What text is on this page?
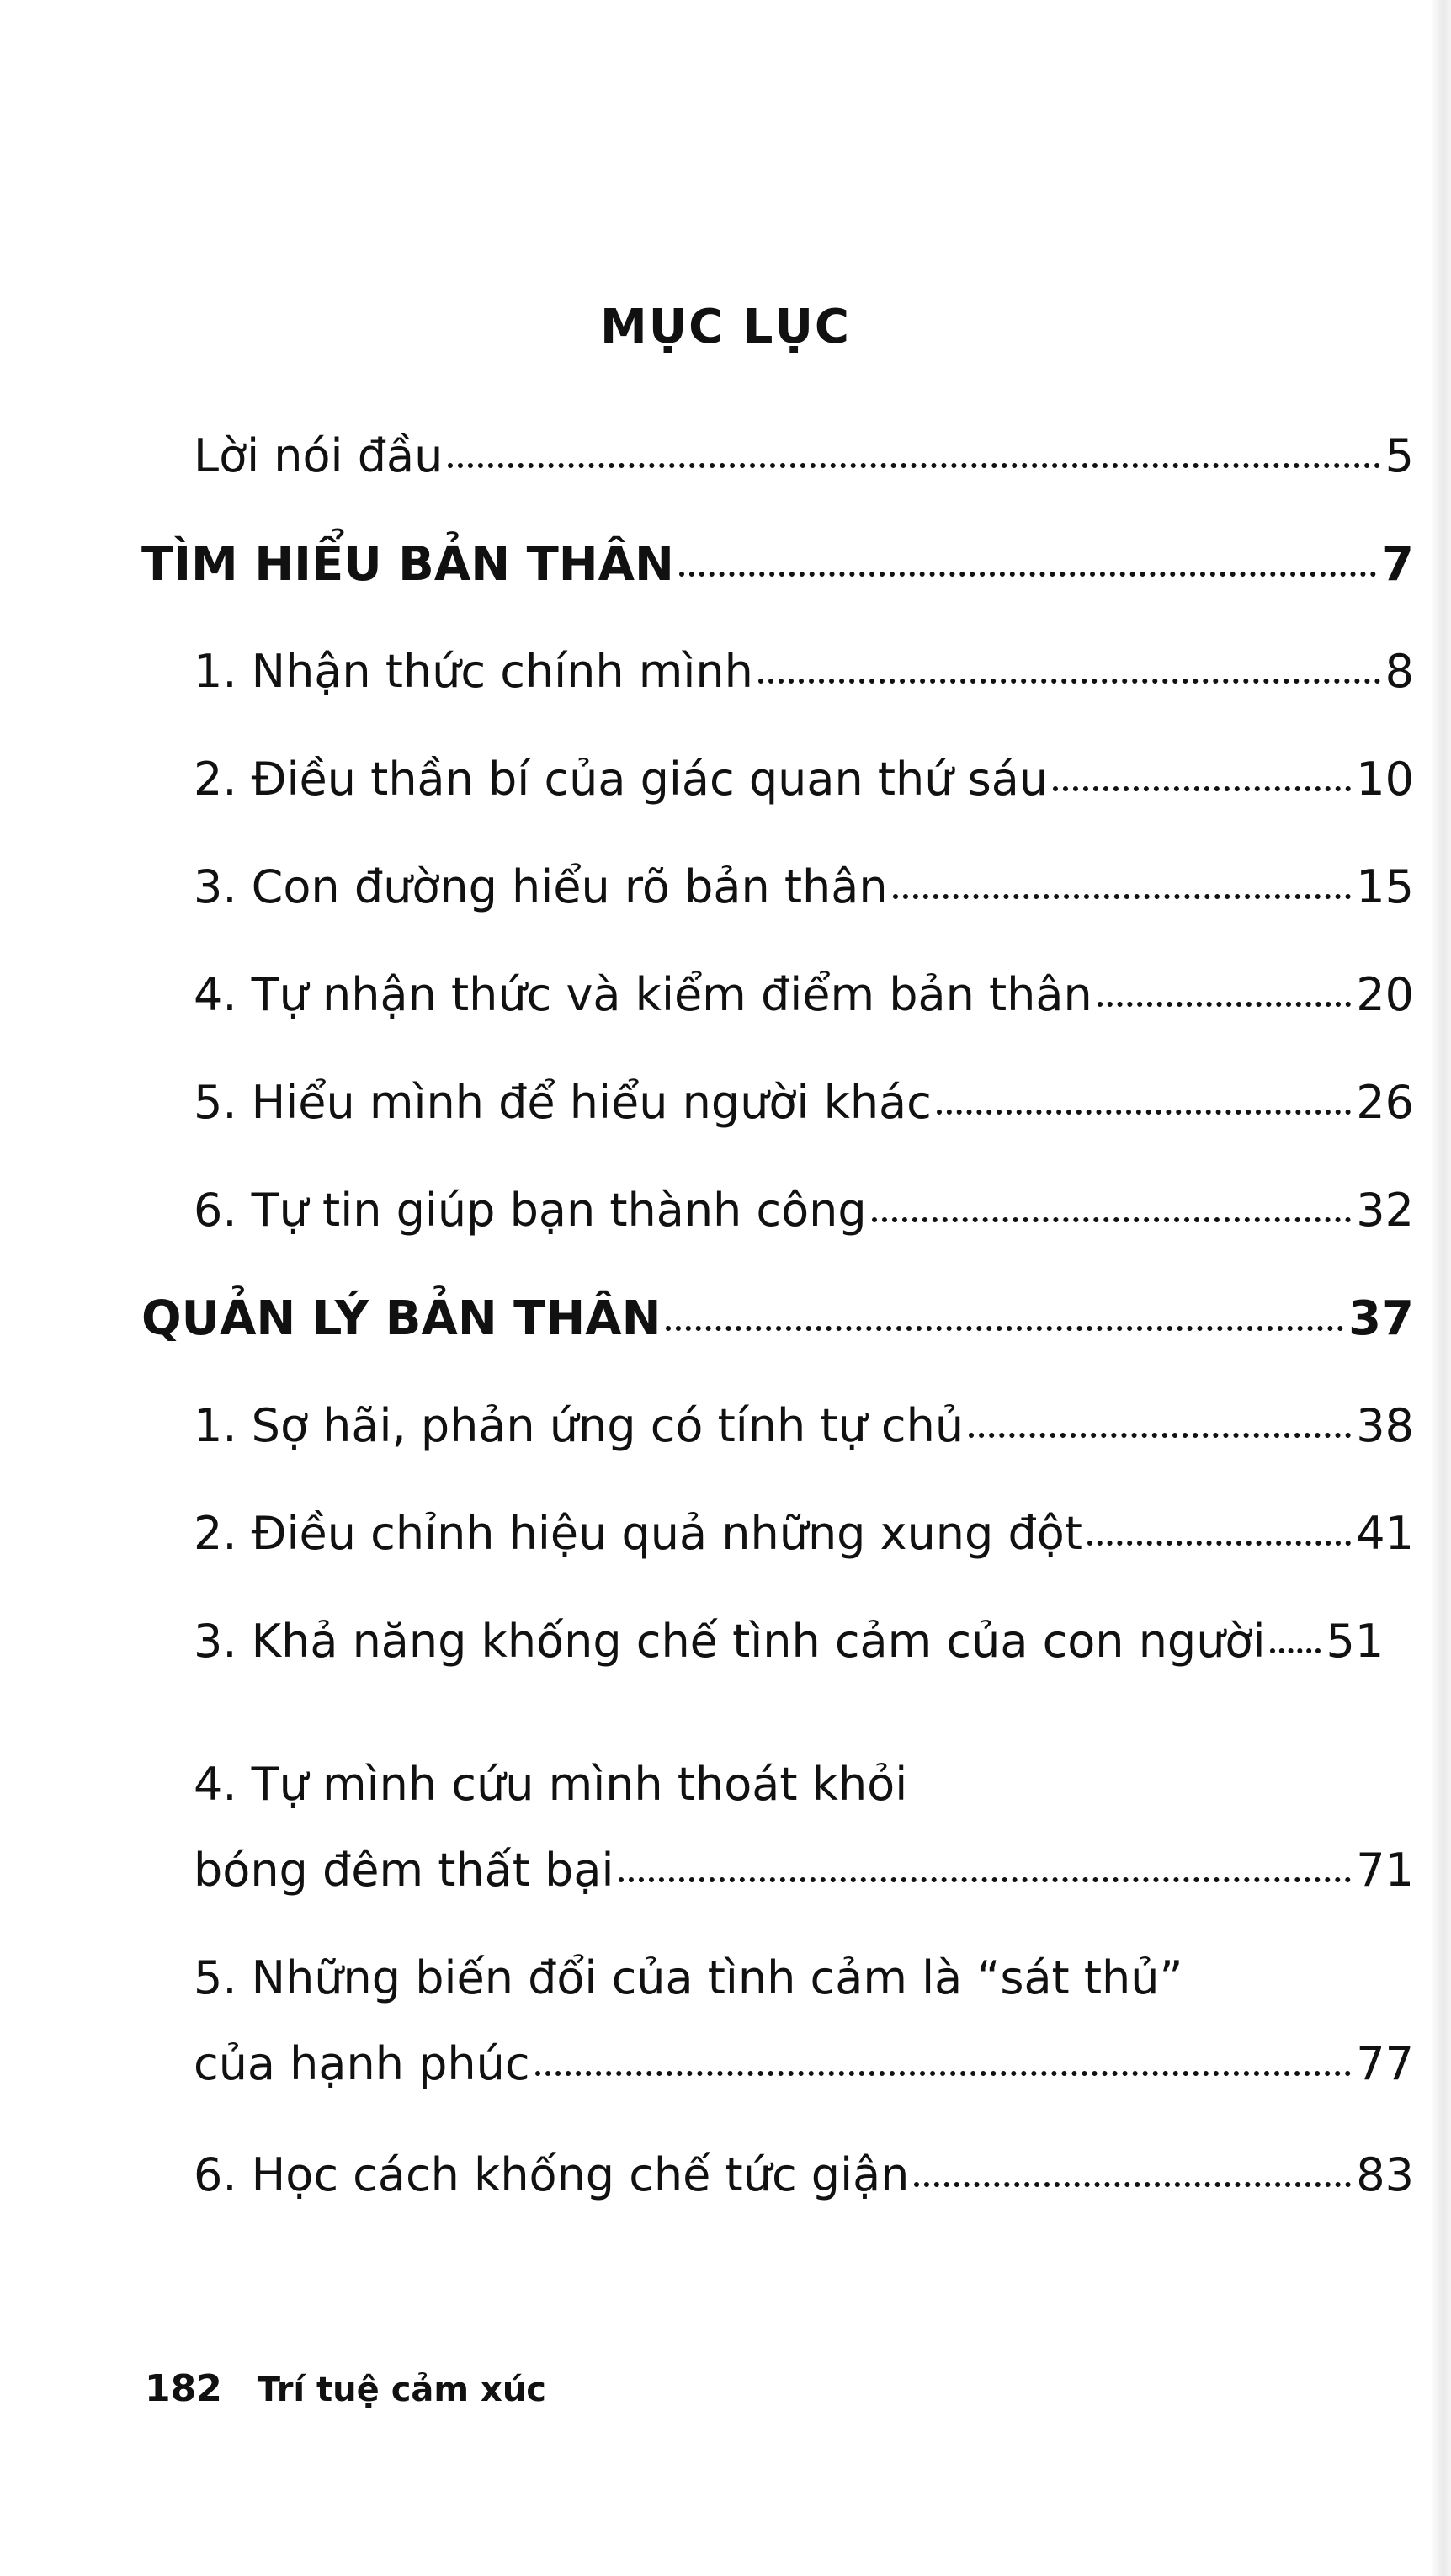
MỤC LỤC
Lời nói đầu	5
TÌM HIỂU BẢN THÂN	7
1. Nhận thức chính mình	8
2. Điều thần bí của giác quan thứ sáu	10
3. Con đường hiểu rõ bản thân	15
4. Tự nhận thức và kiểm điểm bản thân	20
5. Hiểu mình để hiểu người khác	26
6. Tự tin giúp bạn thành công	32
QUẢN LÝ BẢN THÂN	37
1. Sợ hãi, phản ứng có tính tự chủ	38
2. Điều chỉnh hiệu quả những xung đột	41
3. Khả năng khống chế tình cảm của con người 51
4. Tự mình cứu mình thoát khỏi
bóng đêm thất bại	71
5. Những biến đổi của tình cảm là “sát thủ”
của hạnh phúc	77
6. Học cách khống chế tức giận	83
182 Trí tuệ cảm xúc
